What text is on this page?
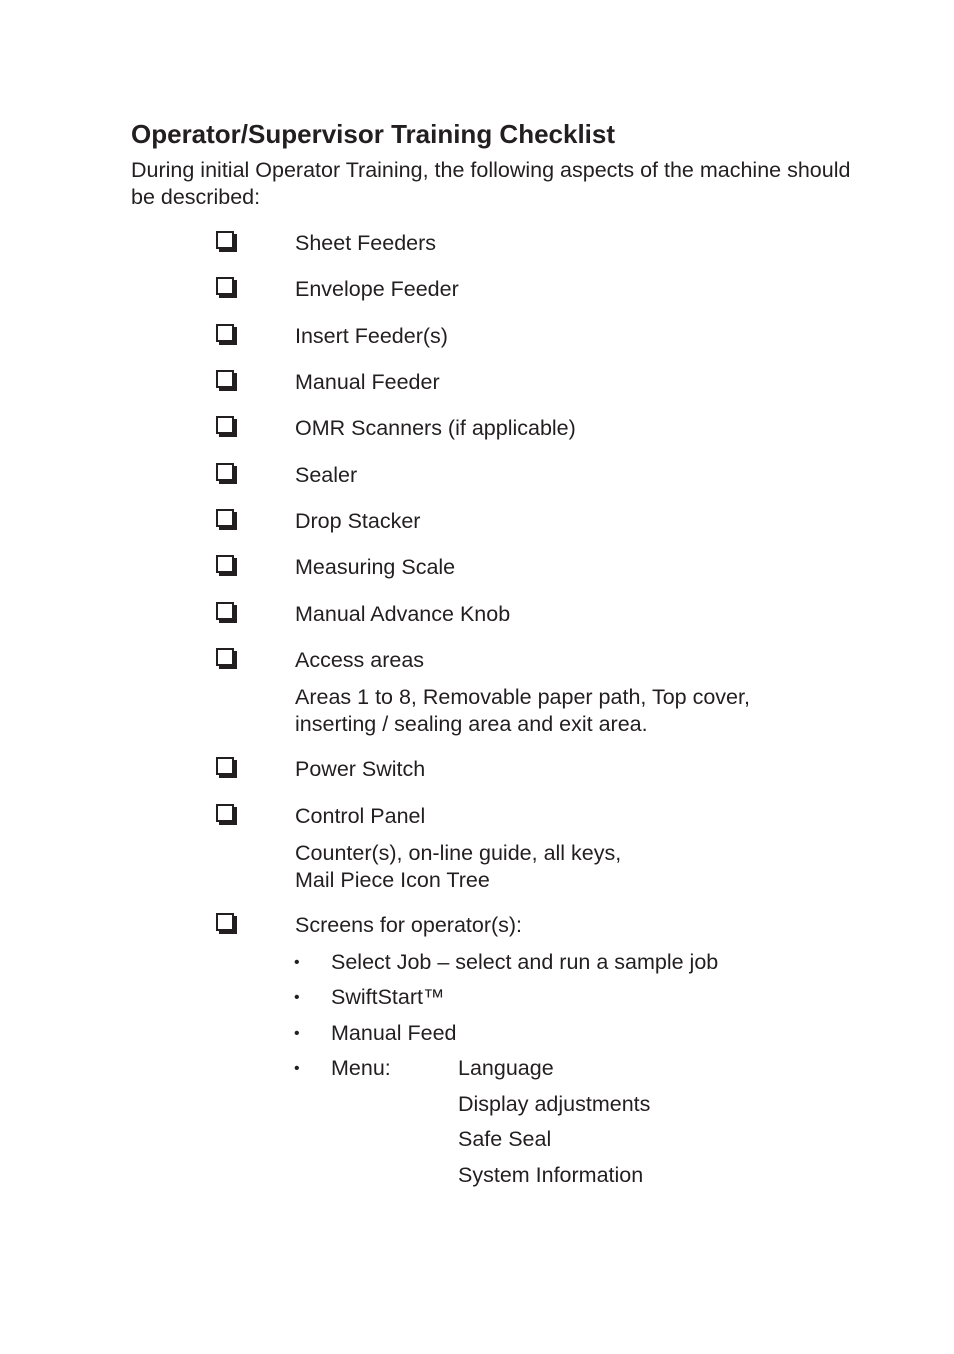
Operator/Supervisor Training Checklist

During initial Operator Training, the following aspects of the machine should be described:

Sheet Feeders
Envelope Feeder
Insert Feeder(s)
Manual Feeder
OMR Scanners (if applicable)
Sealer
Drop Stacker
Measuring Scale
Manual Advance Knob
Access areas
Areas 1 to 8, Removable paper path, Top cover,
inserting / sealing area and exit area.
Power Switch
Control Panel
Counter(s), on-line guide, all keys,
Mail Piece Icon Tree
Screens for operator(s):
• Select Job – select and run a sample job
• SwiftStart™
• Manual Feed
• Menu:	Language
Display adjustments
Safe Seal
System Information
